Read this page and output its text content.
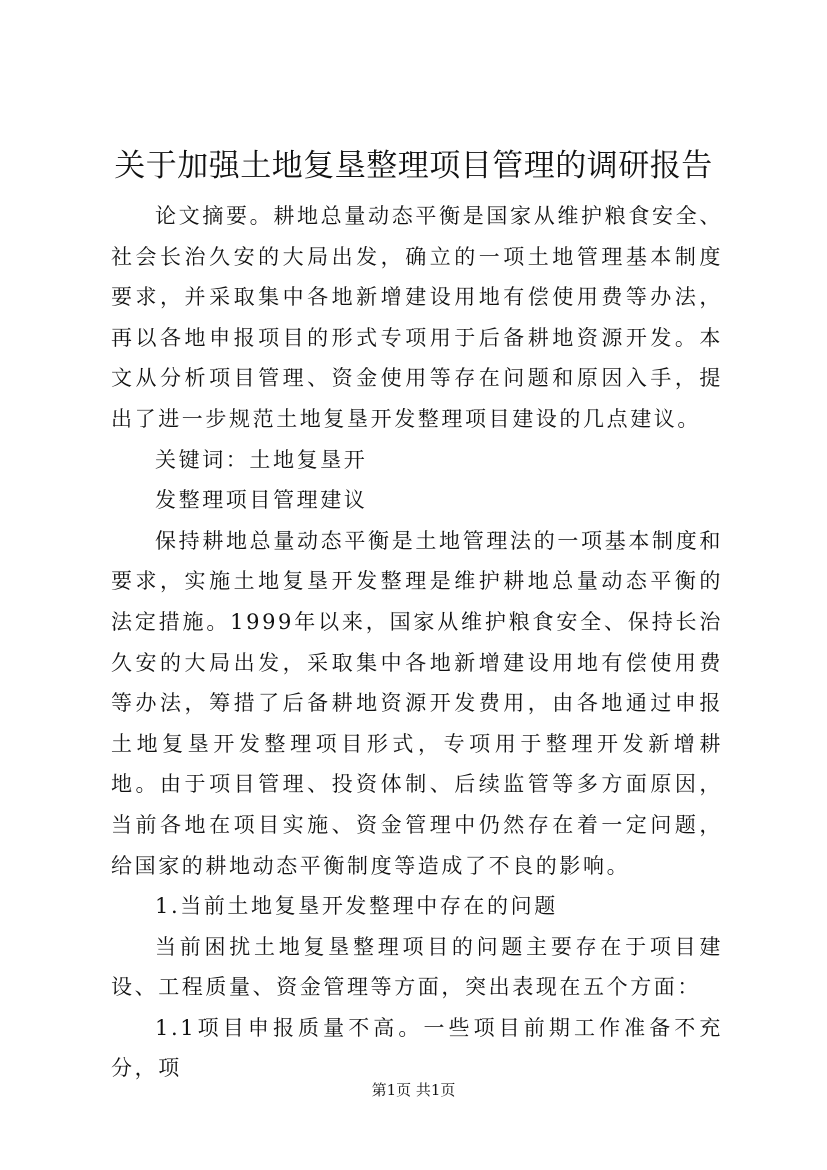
关于加强土地复垦整理项目管理的调研报告

论文摘要。耕地总量动态平衡是国家从维护粮食安全、社会长治久安的大局出发，确立的一项土地管理基本制度要求，并采取集中各地新增建设用地有偿使用费等办法，再以各地申报项目的形式专项用于后备耕地资源开发。本文从分析项目管理、资金使用等存在问题和原因入手，提出了进一步规范土地复垦开发整理项目建设的几点建议。

关键词：土地复垦开

发整理项目管理建议

保持耕地总量动态平衡是土地管理法的一项基本制度和要求，实施土地复垦开发整理是维护耕地总量动态平衡的法定措施。1999年以来，国家从维护粮食安全、保持长治久安的大局出发，采取集中各地新增建设用地有偿使用费等办法，筹措了后备耕地资源开发费用，由各地通过申报土地复垦开发整理项目形式，专项用于整理开发新增耕地。由于项目管理、投资体制、后续监管等多方面原因，当前各地在项目实施、资金管理中仍然存在着一定问题，给国家的耕地动态平衡制度等造成了不良的影响。

1.当前土地复垦开发整理中存在的问题

当前困扰土地复垦整理项目的问题主要存在于项目建设、工程质量、资金管理等方面，突出表现在五个方面：

1.1项目申报质量不高。一些项目前期工作准备不充分，项

第1页 共1页
